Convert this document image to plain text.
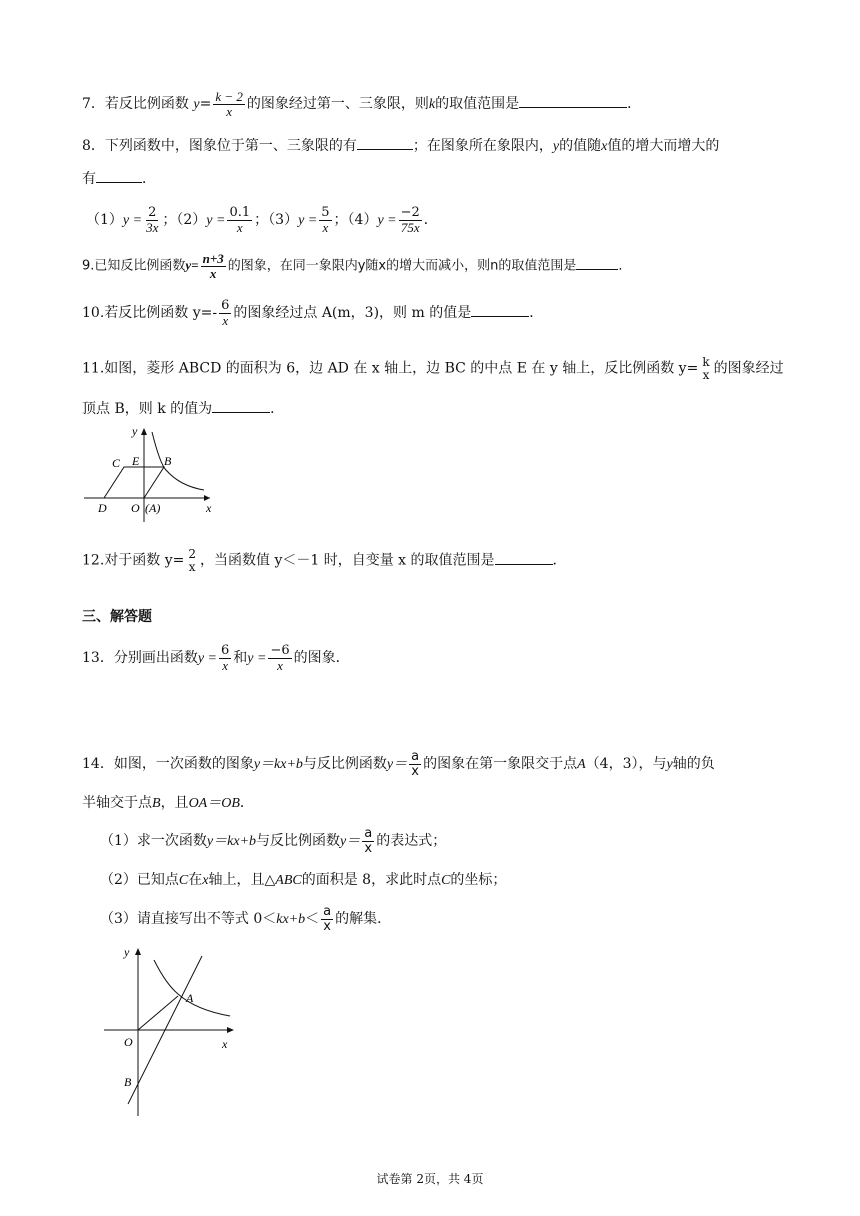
7．若反比例函数 $y= \frac{k - 2}{x}$ 的图象经过第一、三象限，则k的取值范围是	．
8．下列函数中，图象位于第一、三象限的有	；在图象所在象限内，y的值随x值的增大而增大的
有	．
$(1)y = \frac{2}{3x}$ ；$(2)y = \frac{0.1}{x}$ ；$(3)y = \frac{5}{x}$ ；$(4)y = \frac{-2}{75x}$ ．
9.已知反比例函数$y= \frac{n+3}{x}$ 的图象，在同一象限内y随x的增大而减小，则n的取值范围是	．
10.若反比例函数 $y=- \frac{6}{x}$ 的图象经过点 A(m，3)，则 m 的值是	．
11.如图，菱形 ABCD 的面积为 6，边 AD 在 x 轴上，边 BC 的中点 E 在 y 轴上，反比例函数 y= k
x 的图象经过
顶点 B，则 k 的值为	．
y
x
C E B
D O (A)
12.对于函数 y= 2
x ，当函数值 y＜－1 时，自变量 x 的取值范围是	．
三、解答题
13．分别画出函数$y = \frac{6}{x}$ 和$y = \frac{-6}{x}$ 的图象．
14．如图，一次函数的图象y＝kx+b与反比例函数$y= \frac{a}{x}$ 的图象在第一象限交于点A（4，3），与y轴的负
半轴交于点B，且OA＝OB．
（1）求一次函数y＝kx+b与反比例函数$y= \frac{a}{x}$ 的表达式；
（2）已知点C在x轴上，且△ABC的面积是 8，求此时点C的坐标；
（3）请直接写出不等式 $0<kx+b< \frac{a}{x}$ 的解集．
y
A
O	x
B
试卷第 2页，共 4页
